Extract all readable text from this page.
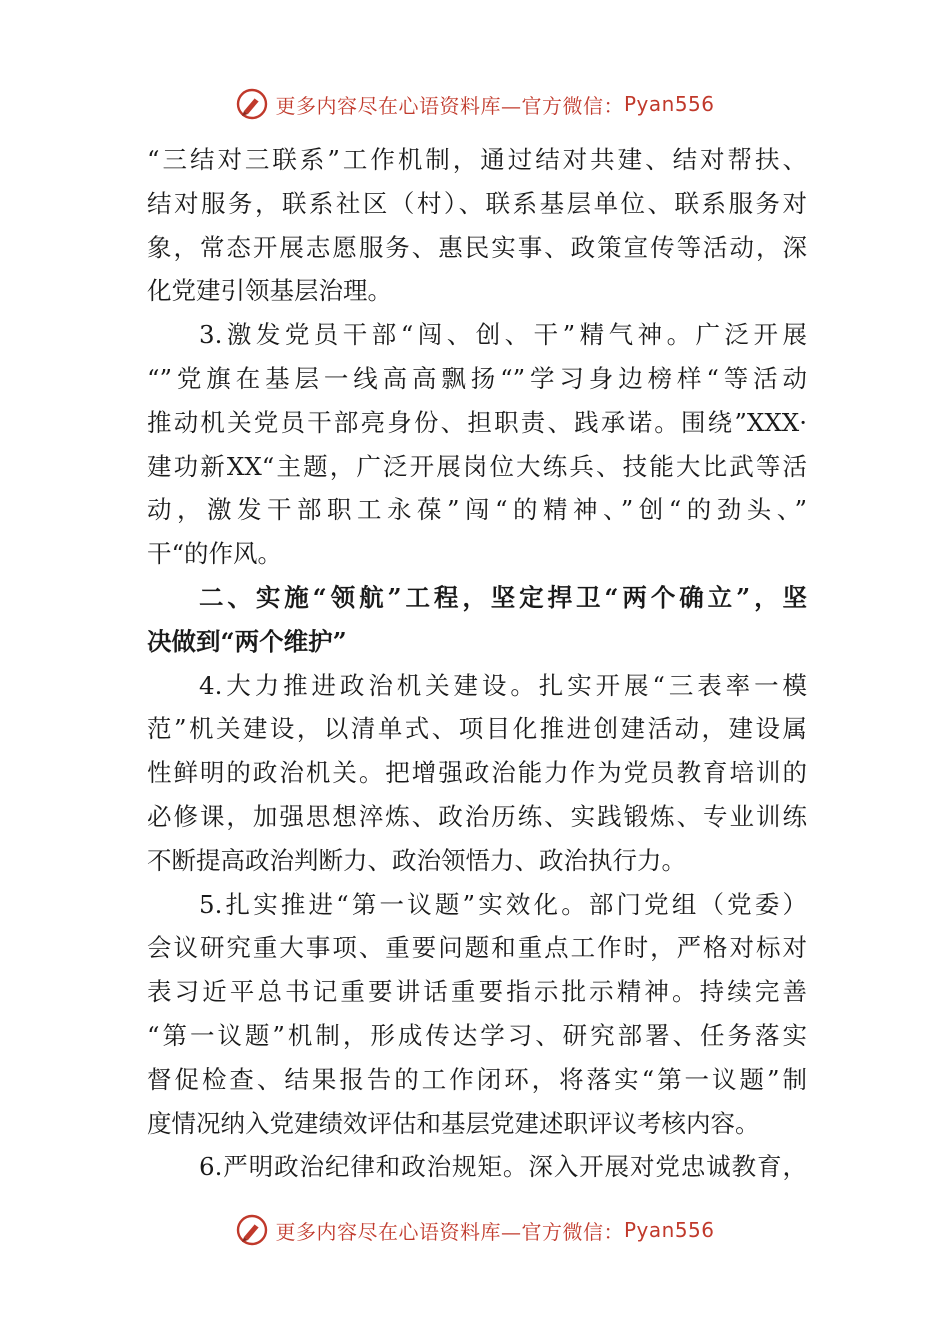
更多内容尽在心语资料库—官方微信： Pyan556
“三结对三联系”工作机制，通过结对共建、结对帮扶、
结对服务，联系社区（村）、联系基层单位、联系服务对
象，常态开展志愿服务、惠民实事、政策宣传等活动，深
化党建引领基层治理。
3.激发党员干部“闯、创、干”精气神。广泛开展
“”党旗在基层一线高高飘扬“”学习身边榜样“等活动
推动机关党员干部亮身份、担职责、践承诺。围绕”XXX·
建功新XX“主题，广泛开展岗位大练兵、技能大比武等活
动，激发干部职工永葆”闯“的精神、”创“的劲头、”
干“的作风。
二、实施“领航”工程，坚定捍卫“两个确立”，坚
决做到“两个维护”
4.大力推进政治机关建设。扎实开展“三表率一模
范”机关建设，以清单式、项目化推进创建活动，建设属
性鲜明的政治机关。把增强政治能力作为党员教育培训的
必修课，加强思想淬炼、政治历练、实践锻炼、专业训练
不断提高政治判断力、政治领悟力、政治执行力。
5.扎实推进“第一议题”实效化。部门党组（党委）
会议研究重大事项、重要问题和重点工作时，严格对标对
表习近平总书记重要讲话重要指示批示精神。持续完善
“第一议题”机制，形成传达学习、研究部署、任务落实
督促检查、结果报告的工作闭环，将落实“第一议题”制
度情况纳入党建绩效评估和基层党建述职评议考核内容。
6.严明政治纪律和政治规矩。深入开展对党忠诚教育，
更多内容尽在心语资料库—官方微信： Pyan556
